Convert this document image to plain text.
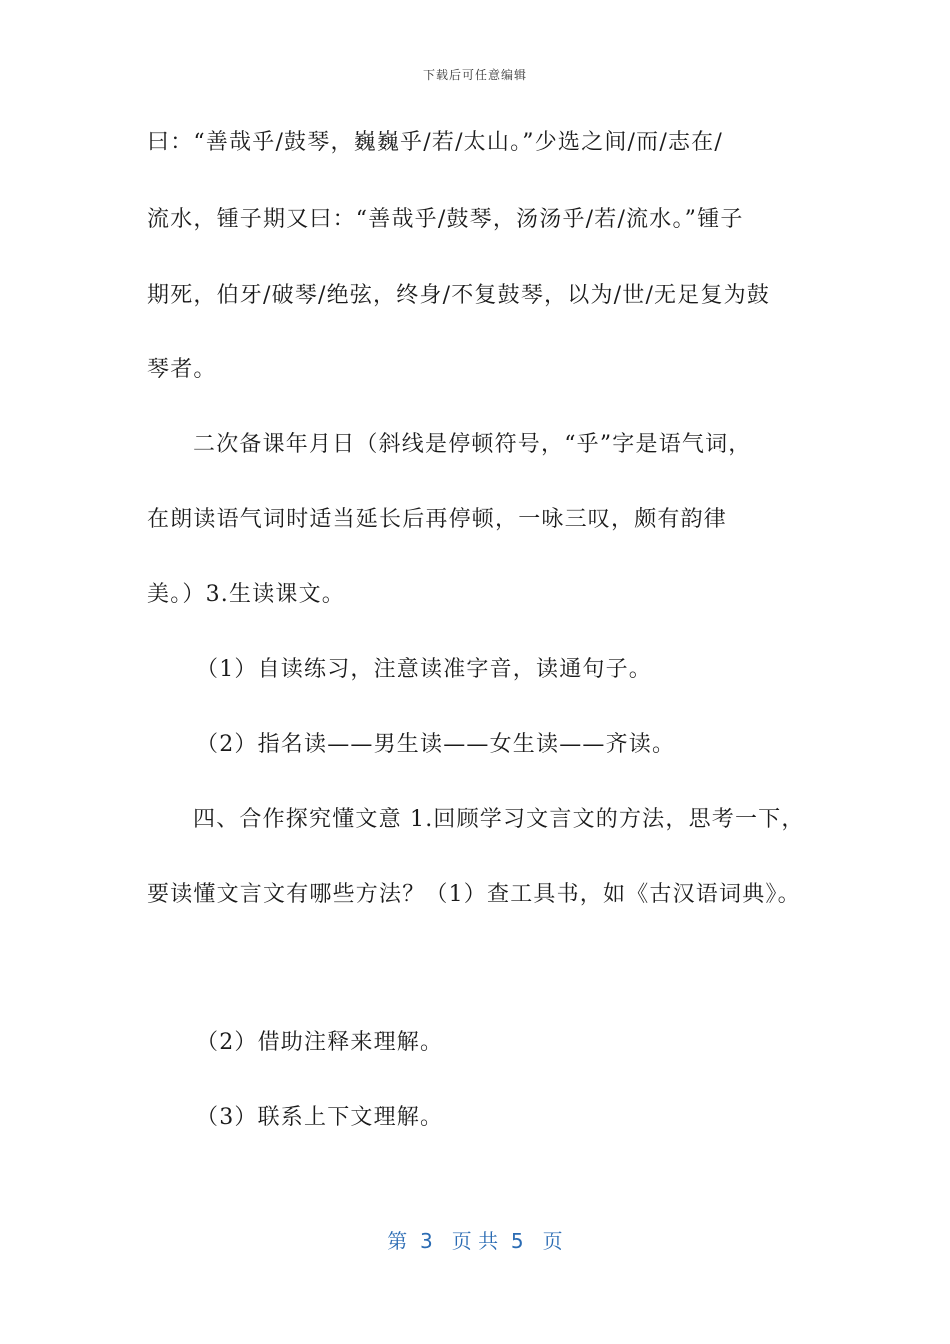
下载后可任意编辑
曰：“善哉乎/鼓琴，巍巍乎/若/太山。”少选之间/而/志在/
流水，锺子期又曰：“善哉乎/鼓琴，汤汤乎/若/流水。”锺子
期死，伯牙/破琴/绝弦，终身/不复鼓琴，以为/世/无足复为鼓
琴者。
二次备课年月日（斜线是停顿符号，“乎”字是语气词，
在朗读语气词时适当延长后再停顿，一咏三叹，颇有韵律
美。）3.生读课文。
（1）自读练习，注意读准字音，读通句子。
（2）指名读——男生读——女生读——齐读。
四、合作探究懂文意 1.回顾学习文言文的方法，思考一下，
要读懂文言文有哪些方法？（1）查工具书，如《古汉语词典》。
（2）借助注释来理解。
（3）联系上下文理解。
第  3   页 共  5   页
